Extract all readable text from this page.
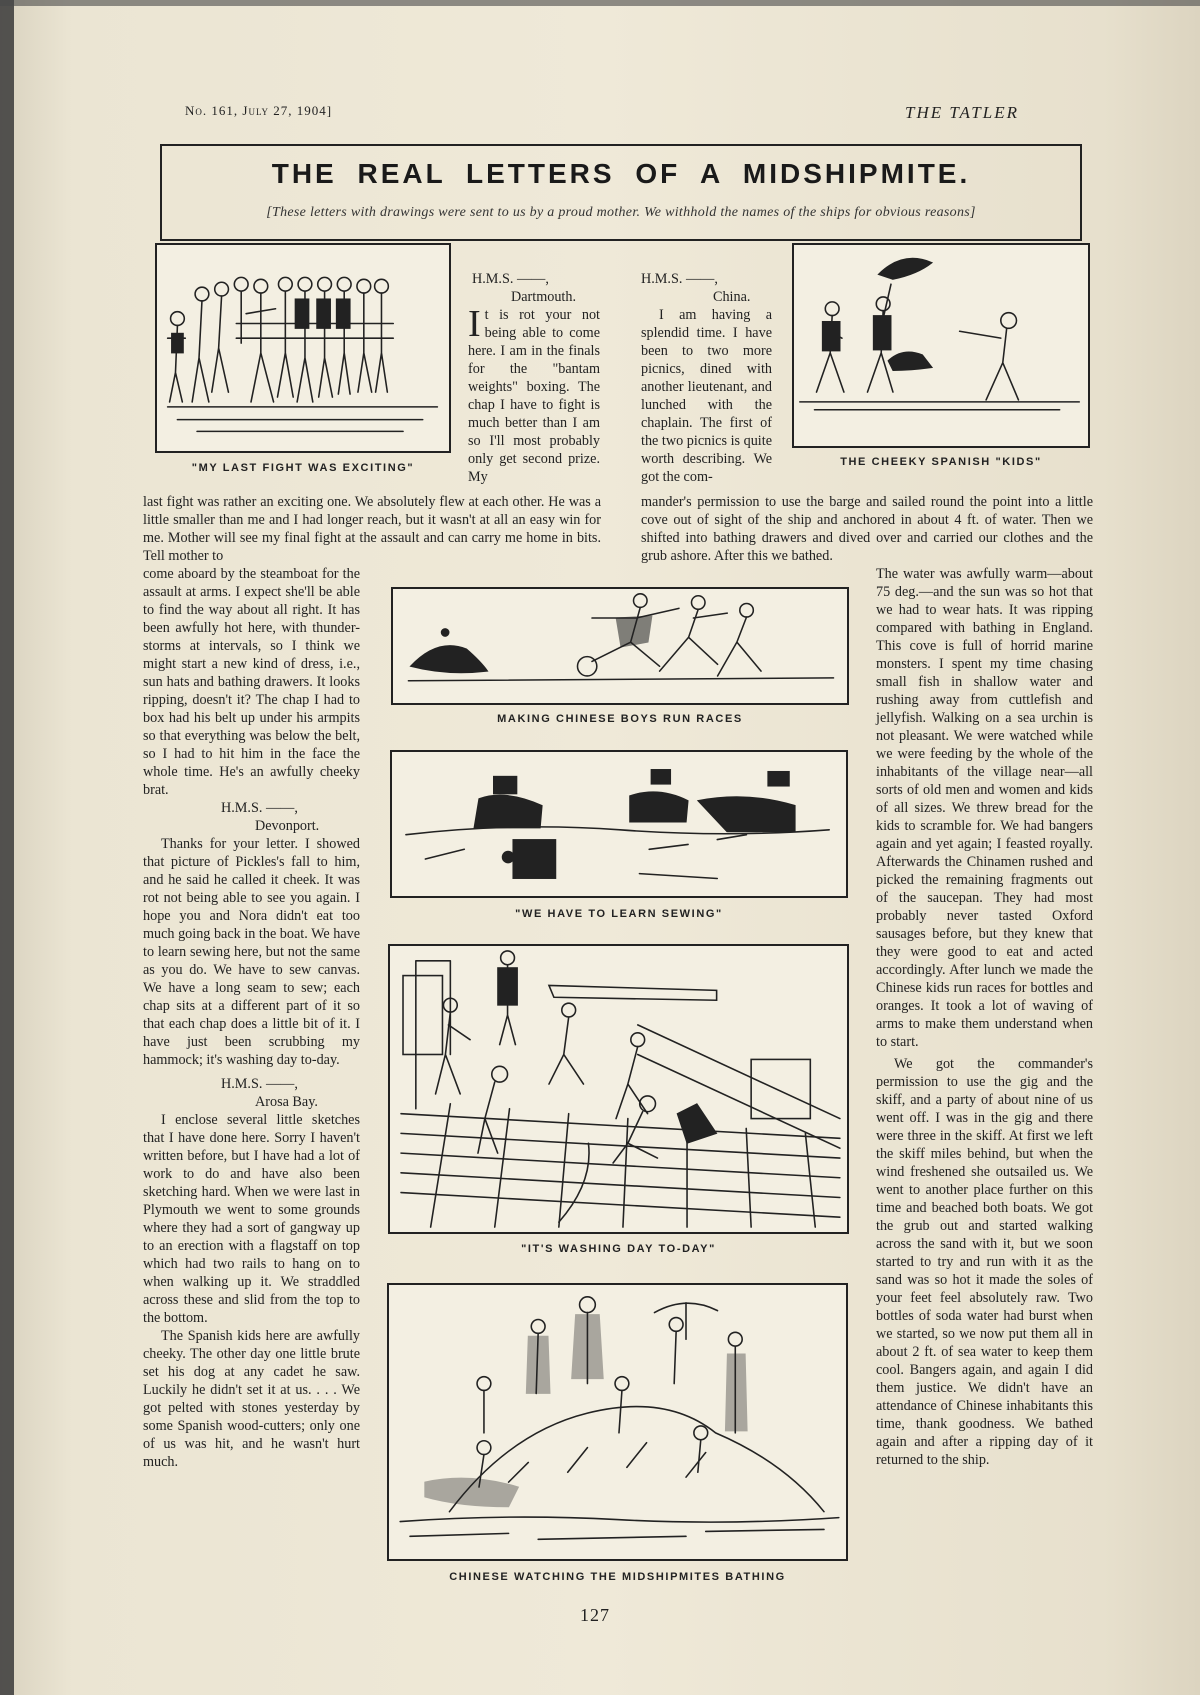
No. 161, July 27, 1904]	THE TATLER
THE REAL LETTERS OF A MIDSHIPMITE.
[These letters with drawings were sent to us by a proud mother. We withhold the names of the ships for obvious reasons]
"MY LAST FIGHT WAS EXCITING"
H.M.S. ——,
Dartmouth.

It is rot your not being able to come here. I am in the finals for the "bantam weights" boxing. The chap I have to fight is much better than I am so I'll most probably only get second prize. My

H.M.S. ——,
China.

I am having a splendid time. I have been to two more picnics, dined with another lieutenant, and lunched with the chaplain. The first of the two picnics is quite worth describing. We got the com-

THE CHEEKY SPANISH "KIDS"
last fight was rather an exciting one. We absolutely flew at each other. He was a little smaller than me and I had longer reach, but it wasn't at all an easy win for me. Mother will see my final fight at the assault and can carry me home in bits. Tell mother to
mander's permission to use the barge and sailed round the point into a little cove out of sight of the ship and anchored in about 4 ft. of water. Then we shifted into bathing drawers and dived over and carried our clothes and the grub ashore. After this we bathed.

come aboard by the steamboat for the assault at arms. I expect she'll be able to find the way about all right. It has been awfully hot here, with thunder-storms at intervals, so I think we might start a new kind of dress, i.e., sun hats and bathing drawers. It looks ripping, doesn't it? The chap I had to box had his belt up under his armpits so that everything was below the belt, so I had to hit him in the face the whole time. He's an awfully cheeky brat.

H.M.S. ——,
Devonport.

Thanks for your letter. I showed that picture of Pickles's fall to him, and he said he called it cheek. It was rot not being able to see you again. I hope you and Nora didn't eat too much going back in the boat. We have to learn sewing here, but not the same as you do. We have to sew canvas. We have a long seam to sew; each chap sits at a different part of it so that each chap does a little bit of it. I have just been scrubbing my hammock; it's washing day to-day.

H.M.S. ——,
Arosa Bay.

I enclose several little sketches that I have done here. Sorry I haven't written before, but I have had a lot of work to do and have also been sketching hard. When we were last in Plymouth we went to some grounds where they had a sort of gangway up to an erection with a flagstaff on top which had two rails to hang on to when walking up it. We straddled across these and slid from the top to the bottom.

The Spanish kids here are awfully cheeky. The other day one little brute set his dog at any cadet he saw. Luckily he didn't set it at us. . . . We got pelted with stones yesterday by some Spanish wood-cutters; only one of us was hit, and he wasn't hurt much.

The water was awfully warm—about 75 deg.—and the sun was so hot that we had to wear hats. It was ripping compared with bathing in England. This cove is full of horrid marine monsters. I spent my time chasing small fish in shallow water and rushing away from cuttlefish and jellyfish. Walking on a sea urchin is not pleasant. We were watched while we were feeding by the whole of the inhabitants of the village near—all sorts of old men and women and kids of all sizes. We threw bread for the kids to scramble for. We had bangers again and yet again; I feasted royally. Afterwards the Chinamen rushed and picked the remaining fragments out of the saucepan. They had most probably never tasted Oxford sausages before, but they knew that they were good to eat and acted accordingly. After lunch we made the Chinese kids run races for bottles and oranges. It took a lot of waving of arms to make them understand when to start.

We got the commander's permission to use the gig and the skiff, and a party of about nine of us went off. I was in the gig and there were three in the skiff. At first we left the skiff miles behind, but when the wind freshened she outsailed us. We went to another place further on this time and beached both boats. We got the grub out and started walking across the sand with it, but we soon started to try and run with it as the sand was so hot it made the soles of your feet feel absolutely raw. Two bottles of soda water had burst when we started, so we now put them all in about 2 ft. of sea water to keep them cool. Bangers again, and again I did them justice. We didn't have an attendance of Chinese inhabitants this time, thank goodness. We bathed again and after a ripping day of it returned to the ship.

MAKING CHINESE BOYS RUN RACES
"WE HAVE TO LEARN SEWING"
"IT'S WASHING DAY TO-DAY"
CHINESE WATCHING THE MIDSHIPMITES BATHING
127
